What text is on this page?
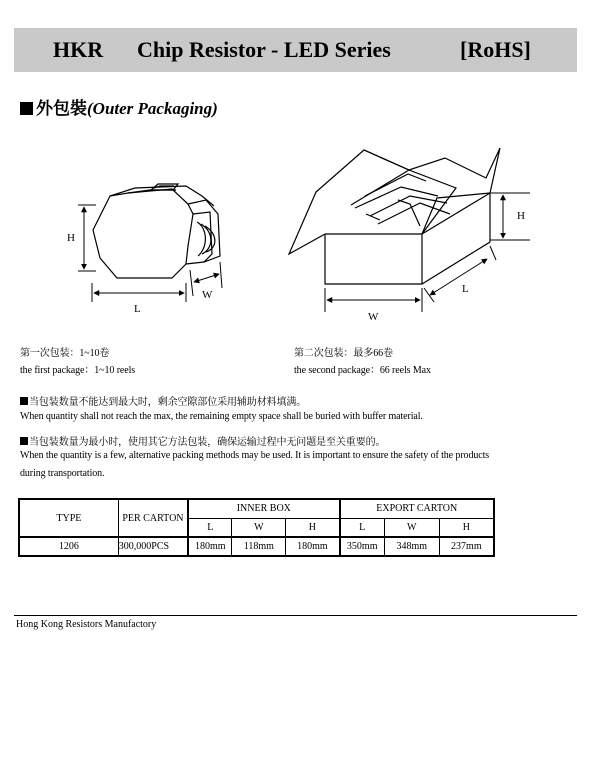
HKR Chip Resistor - LED Series	[RoHS]
外包裝(Outer Packaging)
H
L
W
H
W
L
第一次包装：1~10卷
the first package：1~10 reels
第二次包装：最多66卷
the second package：66 reels Max
当包装数量不能达到最大时，剩余空隙部位采用辅助材料填满。
When quantity shall not reach the max, the remaining empty space shall be buried with buffer material.
当包装数量为最小时，使用其它方法包装，确保运输过程中无问题是至关重要的。
When the quantity is a few, alternative packing methods may be used. It is important to ensure the safety of the products
during transportation.
TYPE	PER CARTON	INNER BOX			EXPORT CARTON		
		L	W	H	L	W	H
1206	300,000PCS	180mm	118mm	180mm	350mm	348mm	237mm
Hong Kong Resistors Manufactory
